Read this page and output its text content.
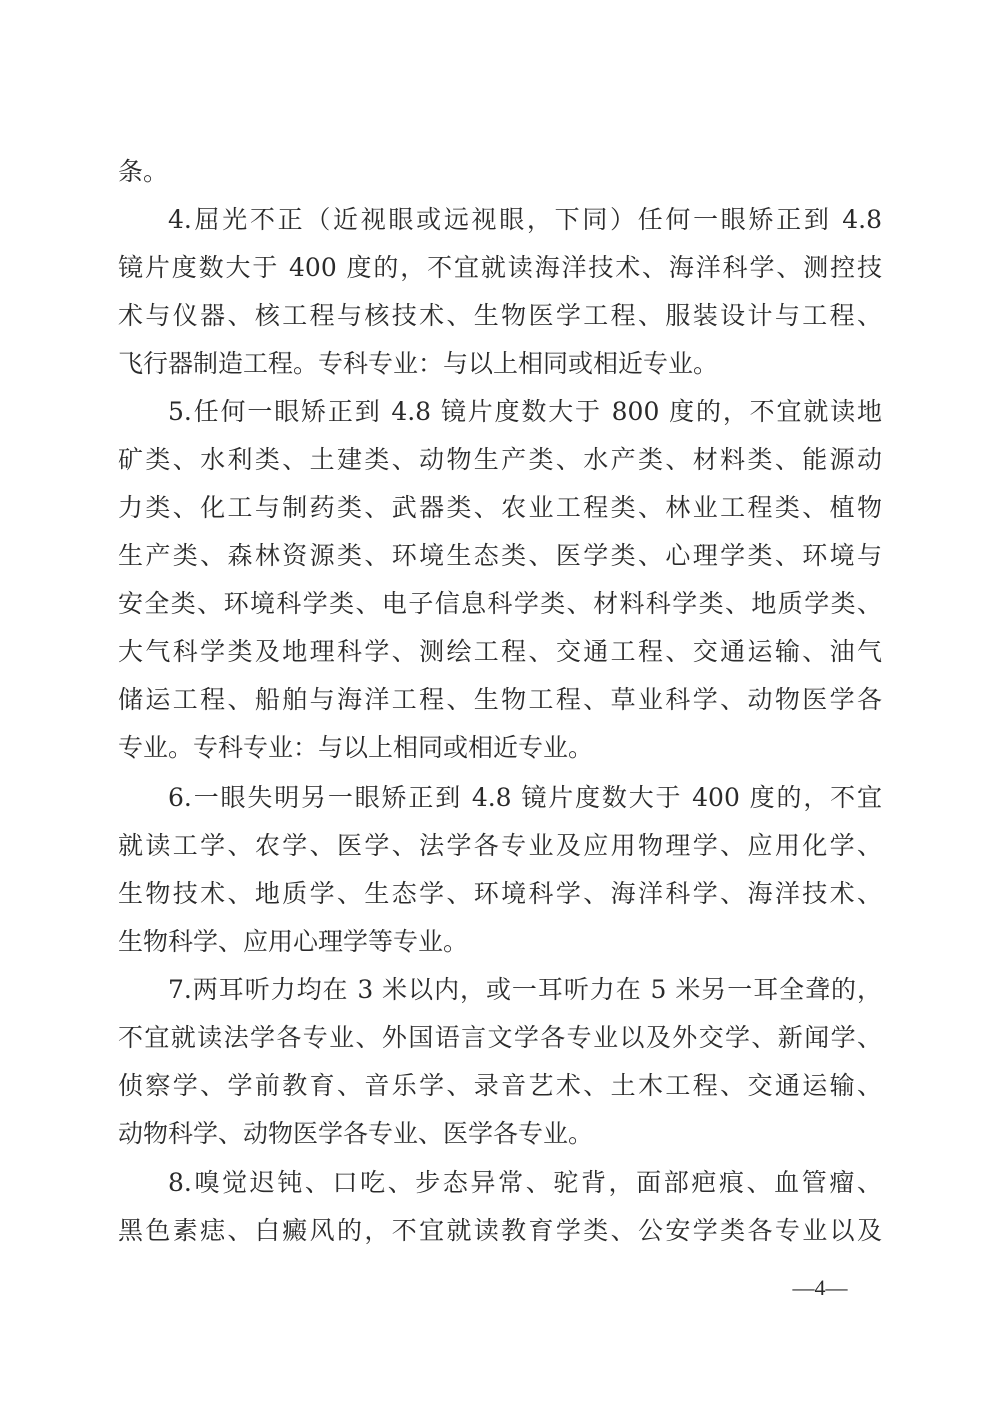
条。
4.屈光不正（近视眼或远视眼，下同）任何一眼矫正到 4.8
镜片度数大于 400 度的，不宜就读海洋技术、海洋科学、测控技
术与仪器、核工程与核技术、生物医学工程、服装设计与工程、
飞行器制造工程。专科专业：与以上相同或相近专业。
5.任何一眼矫正到 4.8 镜片度数大于 800 度的，不宜就读地
矿类、水利类、土建类、动物生产类、水产类、材料类、能源动
力类、化工与制药类、武器类、农业工程类、林业工程类、植物
生产类、森林资源类、环境生态类、医学类、心理学类、环境与
安全类、环境科学类、电子信息科学类、材料科学类、地质学类、
大气科学类及地理科学、测绘工程、交通工程、交通运输、油气
储运工程、船舶与海洋工程、生物工程、草业科学、动物医学各
专业。专科专业：与以上相同或相近专业。
6.一眼失明另一眼矫正到 4.8 镜片度数大于 400 度的，不宜
就读工学、农学、医学、法学各专业及应用物理学、应用化学、
生物技术、地质学、生态学、环境科学、海洋科学、海洋技术、
生物科学、应用心理学等专业。
7.两耳听力均在 3 米以内，或一耳听力在 5 米另一耳全聋的，
不宜就读法学各专业、外国语言文学各专业以及外交学、新闻学、
侦察学、学前教育、音乐学、录音艺术、土木工程、交通运输、
动物科学、动物医学各专业、医学各专业。
8.嗅觉迟钝、口吃、步态异常、驼背，面部疤痕、血管瘤、
黑色素痣、白癜风的，不宜就读教育学类、公安学类各专业以及
—4—
